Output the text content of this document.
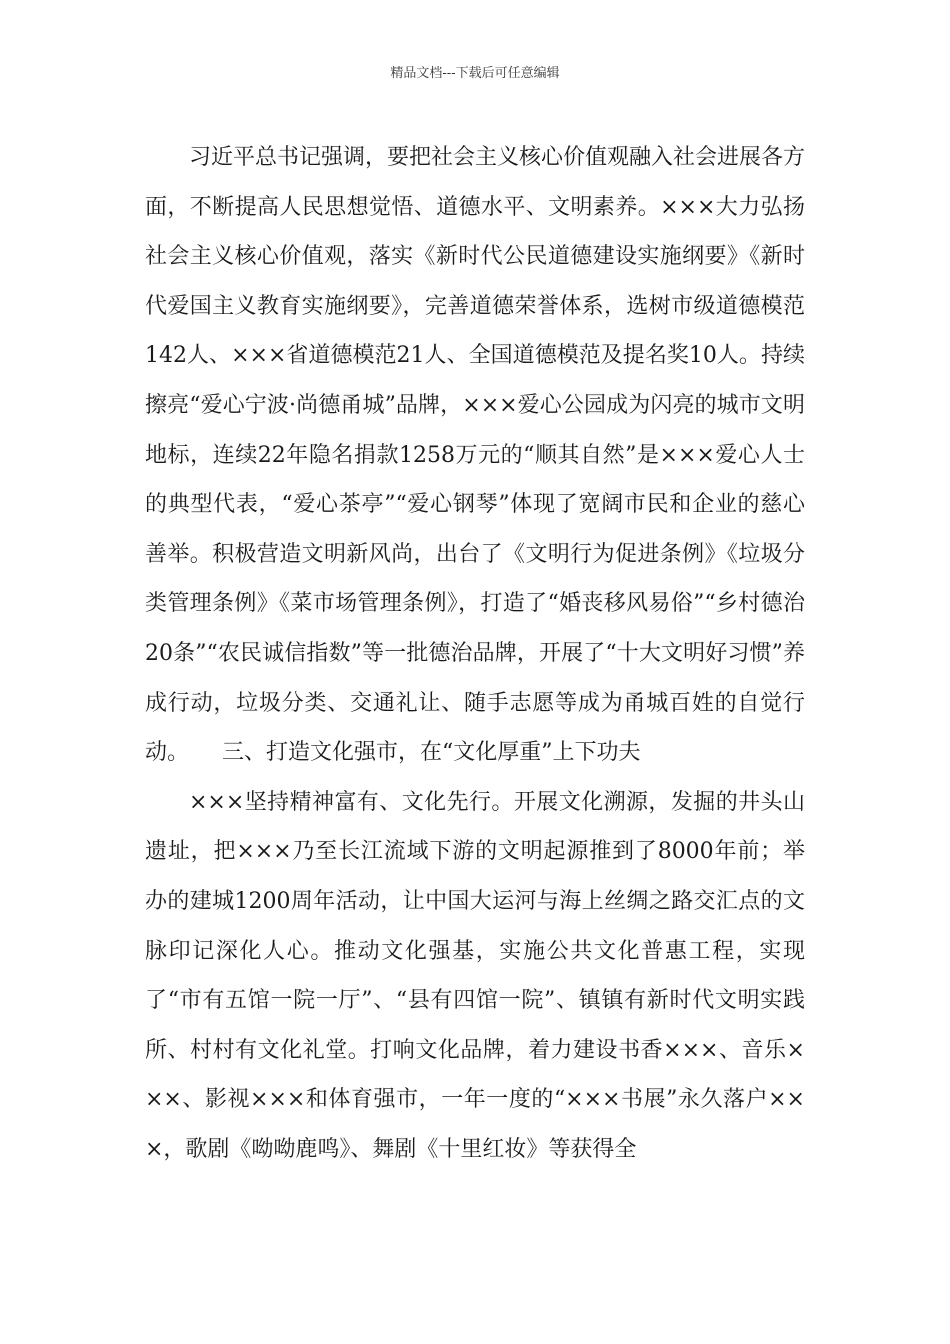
精品文档---下载后可任意编辑

习近平总书记强调，要把社会主义核心价值观融入社会进展各方面，不断提高人民思想觉悟、道德水平、文明素养。×××大力弘扬社会主义核心价值观，落实《新时代公民道德建设实施纲要》《新时代爱国主义教育实施纲要》，完善道德荣誉体系，选树市级道德模范142人、×××省道德模范21人、全国道德模范及提名奖10人。持续擦亮“爱心宁波·尚德甬城”品牌，×××爱心公园成为闪亮的城市文明地标，连续22年隐名捐款1258万元的“顺其自然”是×××爱心人士的典型代表，“爱心茶亭”“爱心钢琴”体现了宽阔市民和企业的慈心善举。积极营造文明新风尚，出台了《文明行为促进条例》《垃圾分类管理条例》《菜市场管理条例》，打造了“婚丧移风易俗”“乡村德治20条”“农民诚信指数”等一批德治品牌，开展了“十大文明好习惯”养成行动，垃圾分类、交通礼让、随手志愿等成为甬城百姓的自觉行动。　　三、打造文化强市，在“文化厚重”上下功夫

×××坚持精神富有、文化先行。开展文化溯源，发掘的井头山遗址，把×××乃至长江流域下游的文明起源推到了8000年前；举办的建城1200周年活动，让中国大运河与海上丝绸之路交汇点的文脉印记深化人心。推动文化强基，实施公共文化普惠工程，实现了“市有五馆一院一厅”、“县有四馆一院”、镇镇有新时代文明实践所、村村有文化礼堂。打响文化品牌，着力建设书香×××、音乐×××、影视×××和体育强市，一年一度的“×××书展”永久落户×××，歌剧《呦呦鹿鸣》、舞剧《十里红妆》等获得全
